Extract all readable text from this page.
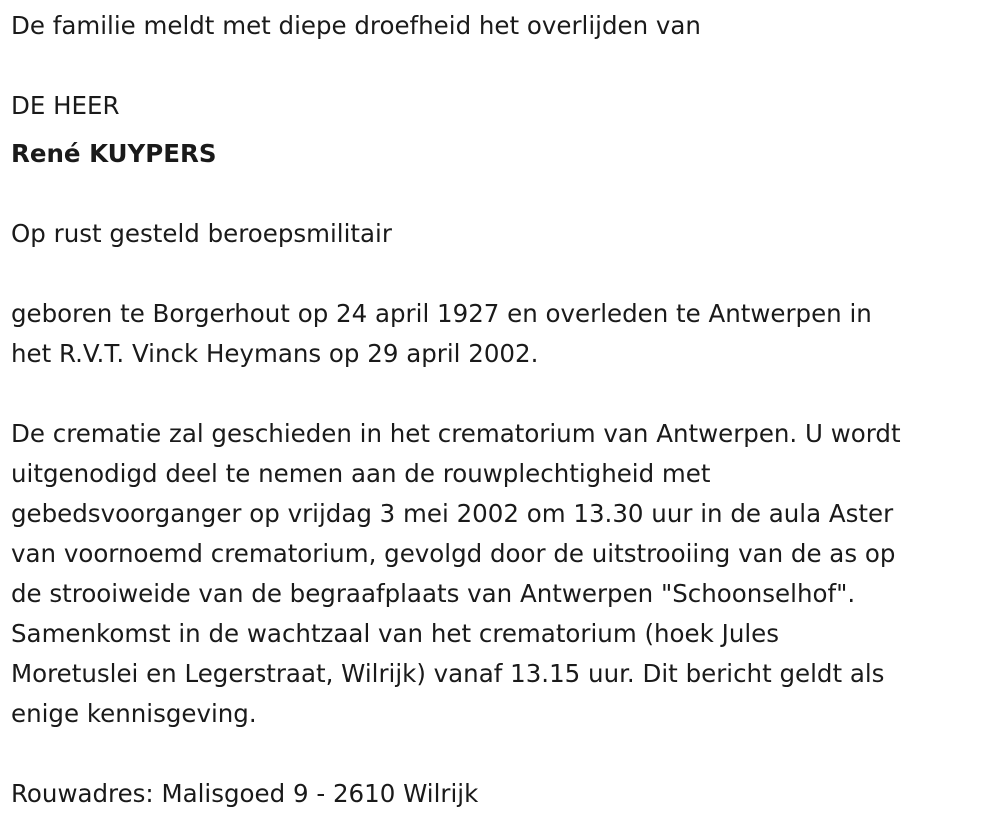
De familie meldt met diepe droefheid het overlijden van

DE HEER

René KUYPERS

Op rust gesteld beroepsmilitair

geboren te Borgerhout op 24 april 1927 en overleden te Antwerpen in

het R.V.T. Vinck Heymans op 29 april 2002.

De crematie zal geschieden in het crematorium van Antwerpen. U wordt

uitgenodigd deel te nemen aan de rouwplechtigheid met

gebedsvoorganger op vrijdag 3 mei 2002 om 13.30 uur in de aula Aster

van voornoemd crematorium, gevolgd door de uitstrooiing van de as op

de strooiweide van de begraafplaats van Antwerpen "Schoonselhof".

Samenkomst in de wachtzaal van het crematorium (hoek Jules

Moretuslei en Legerstraat, Wilrijk) vanaf 13.15 uur. Dit bericht geldt als

enige kennisgeving.

Rouwadres: Malisgoed 9 - 2610 Wilrijk
